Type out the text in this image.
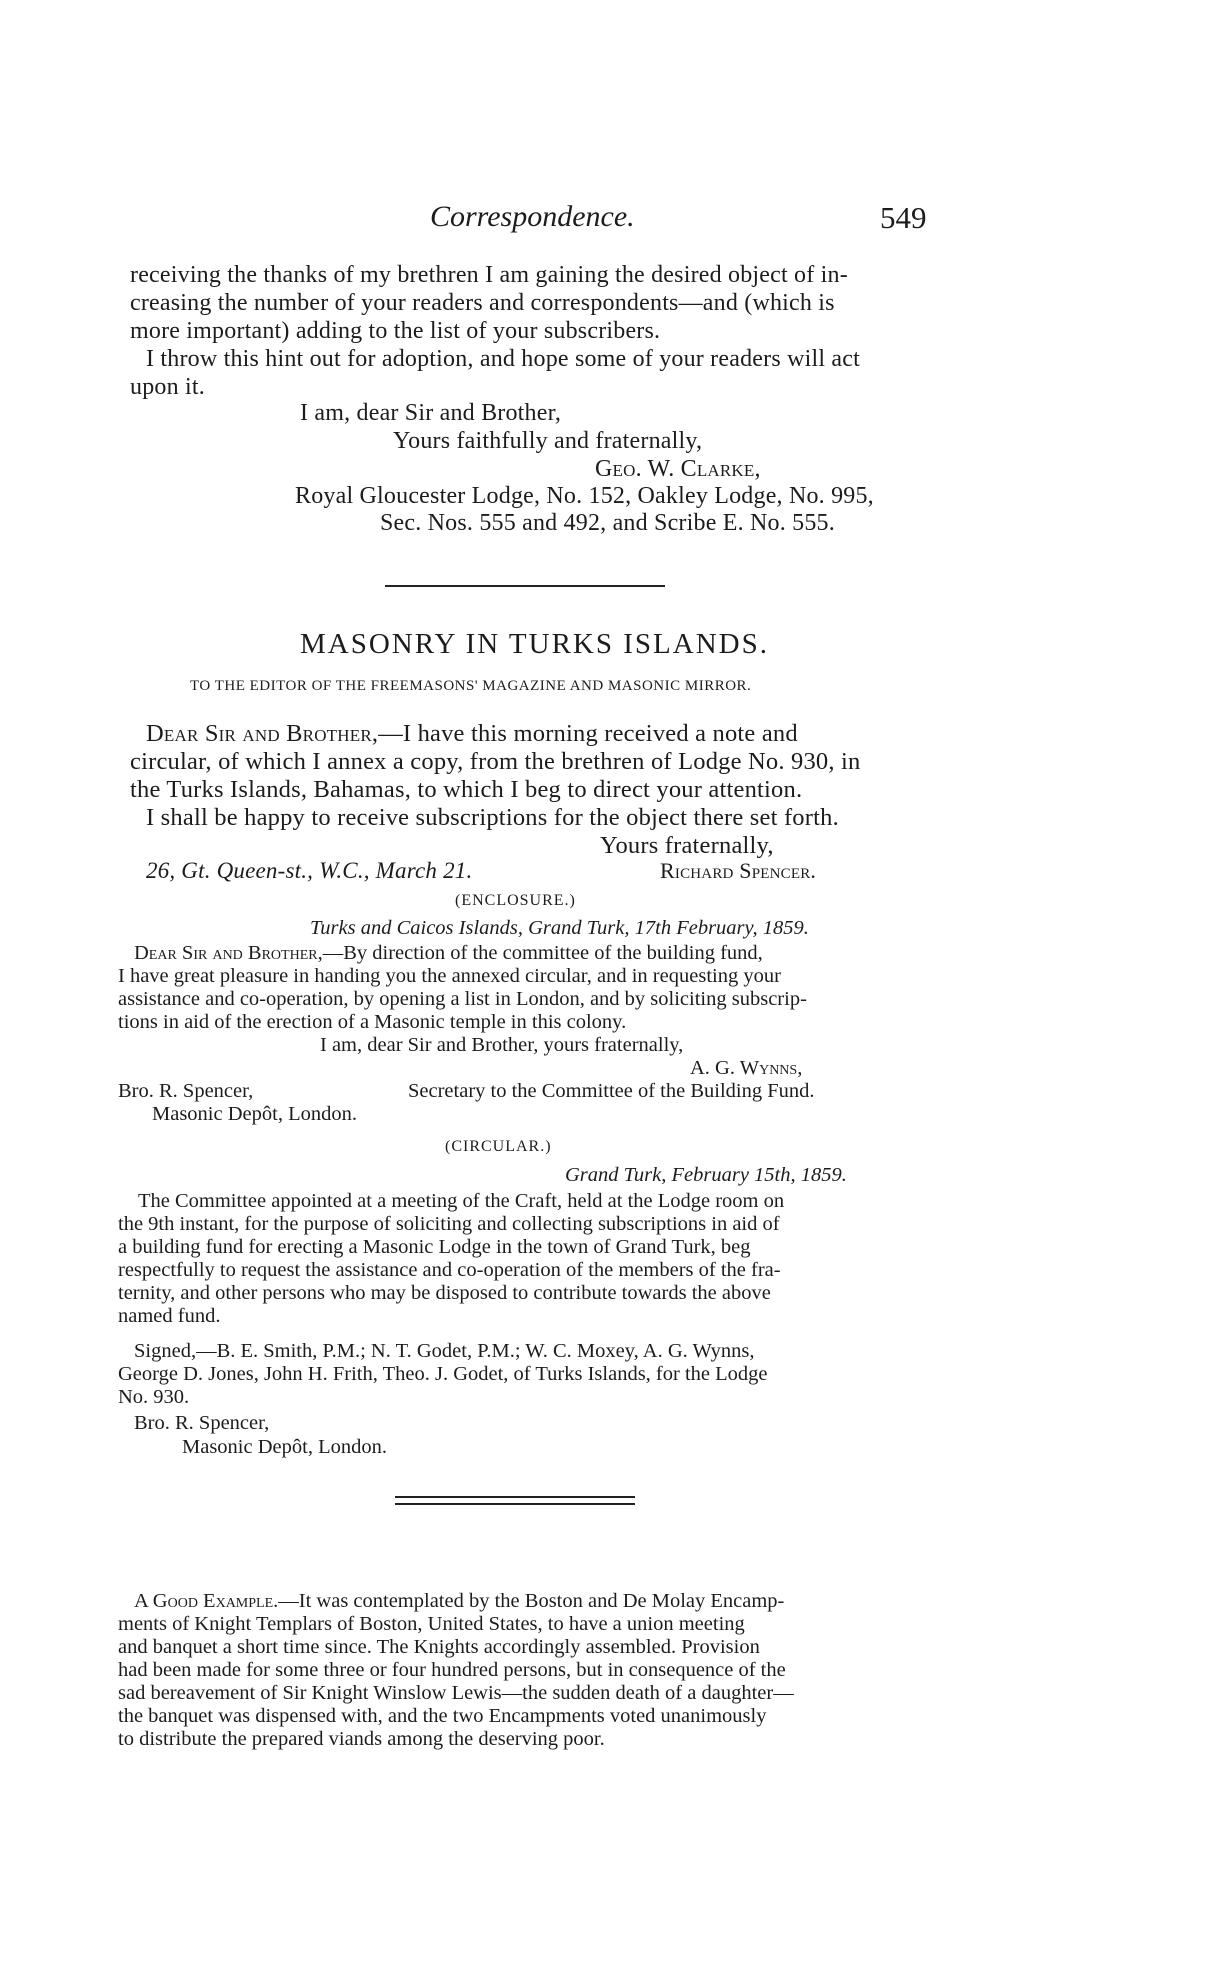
Correspondence.	549
receiving the thanks of my brethren I am gaining the desired object of in-
creasing the number of your readers and correspondents—and (which is
more important) adding to the list of your subscribers.
I throw this hint out for adoption, and hope some of your readers will act
upon it.
I am, dear Sir and Brother,
Yours faithfully and fraternally,
Geo. W. Clarke,
Royal Gloucester Lodge, No. 152, Oakley Lodge, No. 995,
Sec. Nos. 555 and 492, and Scribe E. No. 555.
MASONRY IN TURKS ISLANDS.
TO THE EDITOR OF THE FREEMASONS' MAGAZINE AND MASONIC MIRROR.
Dear Sir and Brother,—I have this morning received a note and
circular, of which I annex a copy, from the brethren of Lodge No. 930, in
the Turks Islands, Bahamas, to which I beg to direct your attention.
I shall be happy to receive subscriptions for the object there set forth.
Yours fraternally,
26, Gt. Queen-st., W.C., March 21.	Richard Spencer.
(ENCLOSURE.)
Turks and Caicos Islands, Grand Turk, 17th February, 1859.
Dear Sir and Brother,—By direction of the committee of the building fund,
I have great pleasure in handing you the annexed circular, and in requesting your
assistance and co-operation, by opening a list in London, and by soliciting subscrip-
tions in aid of the erection of a Masonic temple in this colony.
I am, dear Sir and Brother, yours fraternally,
A. G. Wynns,
Bro. R. Spencer,	Secretary to the Committee of the Building Fund.
Masonic Depôt, London.
(CIRCULAR.)
Grand Turk, February 15th, 1859.
The Committee appointed at a meeting of the Craft, held at the Lodge room on
the 9th instant, for the purpose of soliciting and collecting subscriptions in aid of
a building fund for erecting a Masonic Lodge in the town of Grand Turk, beg
respectfully to request the assistance and co-operation of the members of the fra-
ternity, and other persons who may be disposed to contribute towards the above
named fund.
Signed,—B. E. Smith, P.M.; N. T. Godet, P.M.; W. C. Moxey, A. G. Wynns,
George D. Jones, John H. Frith, Theo. J. Godet, of Turks Islands, for the Lodge
No. 930.
Bro. R. Spencer,
Masonic Depôt, London.
A Good Example.—It was contemplated by the Boston and De Molay Encamp-
ments of Knight Templars of Boston, United States, to have a union meeting
and banquet a short time since. The Knights accordingly assembled. Provision
had been made for some three or four hundred persons, but in consequence of the
sad bereavement of Sir Knight Winslow Lewis—the sudden death of a daughter—
the banquet was dispensed with, and the two Encampments voted unanimously
to distribute the prepared viands among the deserving poor.
